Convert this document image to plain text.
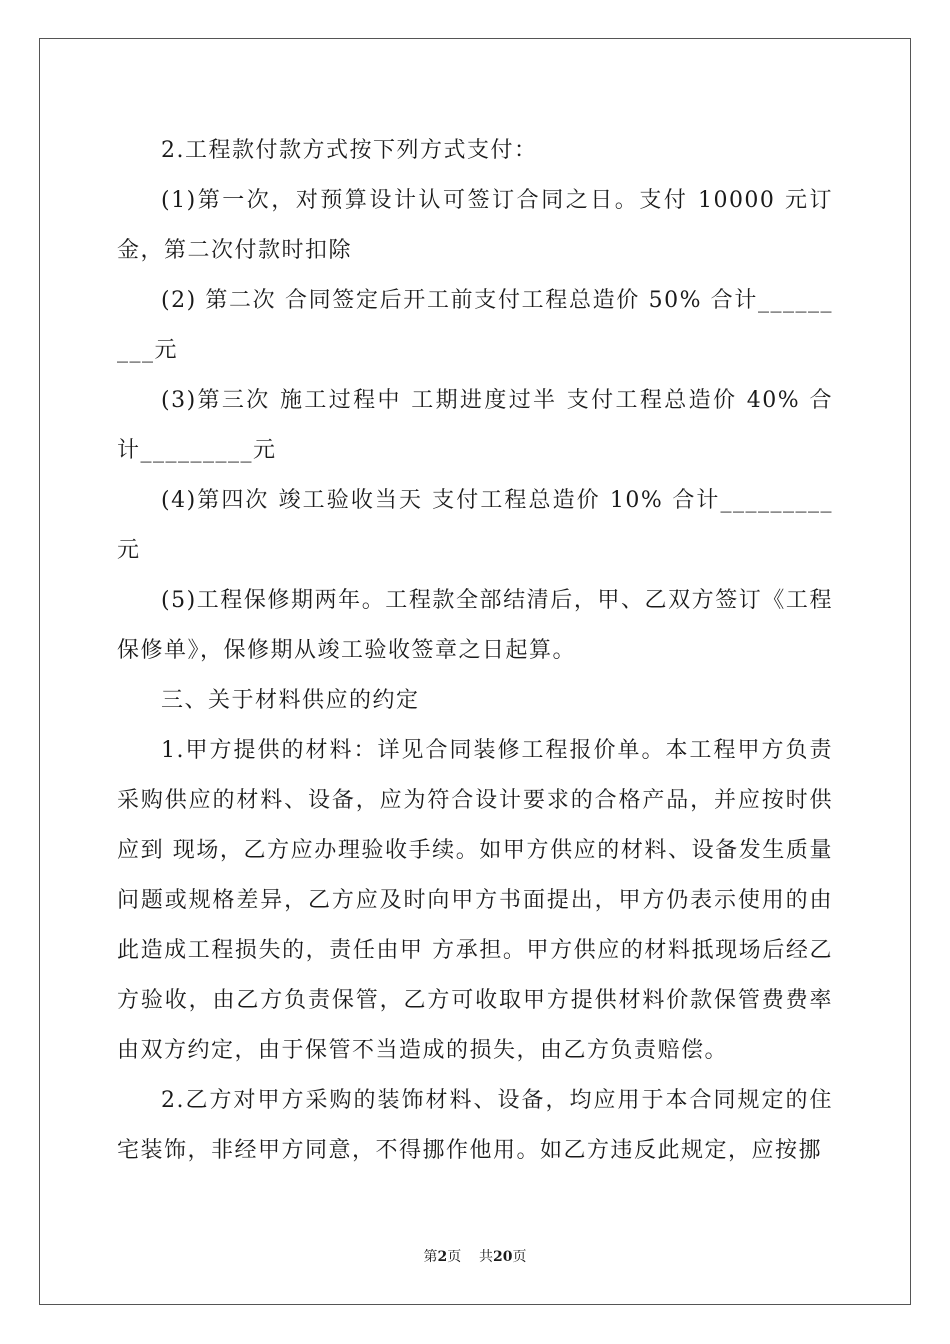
2.工程款付款方式按下列方式支付：

(1)第一次，对预算设计认可签订合同之日。支付 10000 元订金，第二次付款时扣除

(2) 第二次 合同签定后开工前支付工程总造价 50% 合计_________元

(3)第三次 施工过程中 工期进度过半 支付工程总造价 40% 合计_________元

(4)第四次 竣工验收当天 支付工程总造价 10% 合计_________元

(5)工程保修期两年。工程款全部结清后，甲、乙双方签订《工程保修单》，保修期从竣工验收签章之日起算。

三、关于材料供应的约定

1.甲方提供的材料：详见合同装修工程报价单。本工程甲方负责采购供应的材料、设备，应为符合设计要求的合格产品，并应按时供应到 现场，乙方应办理验收手续。如甲方供应的材料、设备发生质量问题或规格差异，乙方应及时向甲方书面提出，甲方仍表示使用的由此造成工程损失的，责任由甲 方承担。甲方供应的材料抵现场后经乙方验收，由乙方负责保管，乙方可收取甲方提供材料价款保管费费率由双方约定，由于保管不当造成的损失，由乙方负责赔偿。

2.乙方对甲方采购的装饰材料、设备，均应用于本合同规定的住宅装饰，非经甲方同意，不得挪作他用。如乙方违反此规定，应按挪

第2页 共20页
